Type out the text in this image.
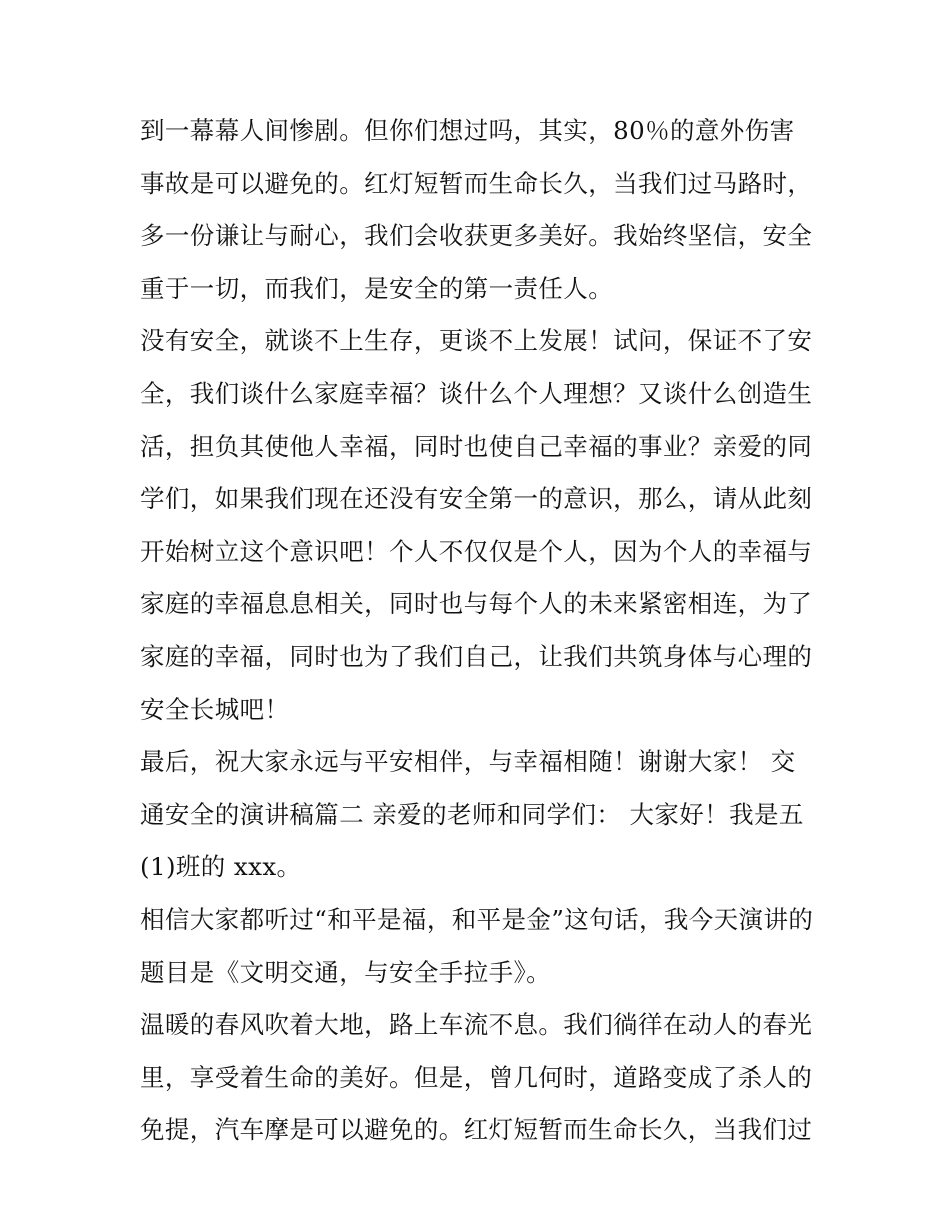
到一幕幕人间惨剧。但你们想过吗，其实，80％的意外伤害
事故是可以避免的。红灯短暂而生命长久，当我们过马路时，
多一份谦让与耐心，我们会收获更多美好。我始终坚信，安全
重于一切，而我们，是安全的第一责任人。
没有安全，就谈不上生存，更谈不上发展！试问，保证不了安
全，我们谈什么家庭幸福？谈什么个人理想？又谈什么创造生
活，担负其使他人幸福，同时也使自己幸福的事业？亲爱的同
学们，如果我们现在还没有安全第一的意识，那么，请从此刻
开始树立这个意识吧！个人不仅仅是个人，因为个人的幸福与
家庭的幸福息息相关，同时也与每个人的未来紧密相连，为了
家庭的幸福，同时也为了我们自己，让我们共筑身体与心理的
安全长城吧！
最后，祝大家永远与平安相伴，与幸福相随！谢谢大家！ 交
通安全的演讲稿篇二 亲爱的老师和同学们： 大家好！我是五
(1)班的 xxx。
相信大家都听过“和平是福，和平是金”这句话，我今天演讲的
题目是《文明交通，与安全手拉手》。
温暖的春风吹着大地，路上车流不息。我们徜徉在动人的春光
里，享受着生命的美好。但是，曾几何时，道路变成了杀人的
免提，汽车摩是可以避免的。红灯短暂而生命长久，当我们过
